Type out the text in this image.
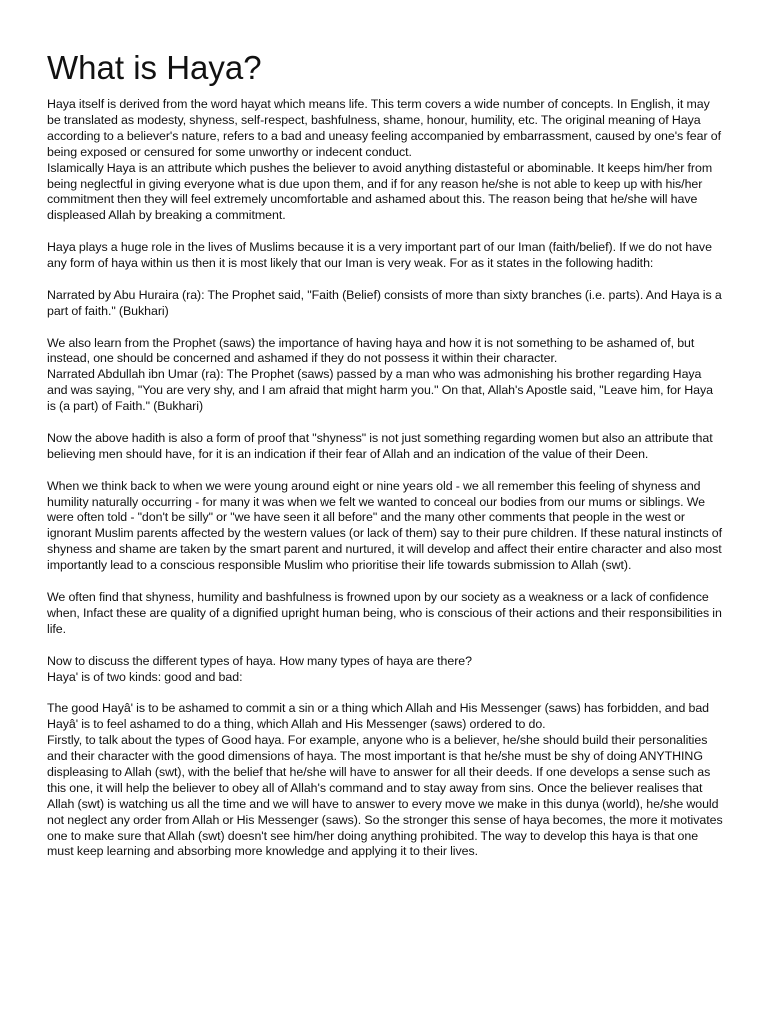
What is Haya?

Haya itself is derived from the word hayat which means life. This term covers a wide number of concepts. In English, it may be translated as modesty, shyness, self-respect, bashfulness, shame, honour, humility, etc. The original meaning of Haya according to a believer's nature, refers to a bad and uneasy feeling accompanied by embarrassment, caused by one's fear of being exposed or censured for some unworthy or indecent conduct.
Islamically Haya is an attribute which pushes the believer to avoid anything distasteful or abominable. It keeps him/her from being neglectful in giving everyone what is due upon them, and if for any reason he/she is not able to keep up with his/her commitment then they will feel extremely uncomfortable and ashamed about this. The reason being that he/she will have displeased Allah by breaking a commitment.

Haya plays a huge role in the lives of Muslims because it is a very important part of our Iman (faith/belief). If we do not have any form of haya within us then it is most likely that our Iman is very weak. For as it states in the following hadith:

Narrated by Abu Huraira (ra): The Prophet said, "Faith (Belief) consists of more than sixty branches (i.e. parts). And Haya is a part of faith." (Bukhari)

We also learn from the Prophet (saws) the importance of having haya and how it is not something to be ashamed of, but instead, one should be concerned and ashamed if they do not possess it within their character.
Narrated Abdullah ibn Umar (ra): The Prophet (saws) passed by a man who was admonishing his brother regarding Haya and was saying, "You are very shy, and I am afraid that might harm you." On that, Allah's Apostle said, "Leave him, for Haya is (a part) of Faith." (Bukhari)

Now the above hadith is also a form of proof that "shyness" is not just something regarding women but also an attribute that believing men should have, for it is an indication if their fear of Allah and an indication of the value of their Deen.

When we think back to when we were young around eight or nine years old - we all remember this feeling of shyness and humility naturally occurring - for many it was when we felt we wanted to conceal our bodies from our mums or siblings. We were often told - "don't be silly" or "we have seen it all before" and the many other comments that people in the west or ignorant Muslim parents affected by the western values (or lack of them) say to their pure children. If these natural instincts of shyness and shame are taken by the smart parent and nurtured, it will develop and affect their entire character and also most importantly lead to a conscious responsible Muslim who prioritise their life towards submission to Allah (swt).

We often find that shyness, humility and bashfulness is frowned upon by our society as a weakness or a lack of confidence when, Infact these are quality of a dignified upright human being, who is conscious of their actions and their responsibilities in life.

Now to discuss the different types of haya. How many types of haya are there?
Haya' is of two kinds: good and bad:

The good Hayâ' is to be ashamed to commit a sin or a thing which Allah and His Messenger (saws) has forbidden, and bad Hayâ' is to feel ashamed to do a thing, which Allah and His Messenger (saws) ordered to do.
Firstly, to talk about the types of Good haya. For example, anyone who is a believer, he/she should build their personalities and their character with the good dimensions of haya. The most important is that he/she must be shy of doing ANYTHING displeasing to Allah (swt), with the belief that he/she will have to answer for all their deeds. If one develops a sense such as this one, it will help the believer to obey all of Allah's command and to stay away from sins. Once the believer realises that Allah (swt) is watching us all the time and we will have to answer to every move we make in this dunya (world), he/she would not neglect any order from Allah or His Messenger (saws). So the stronger this sense of haya becomes, the more it motivates one to make sure that Allah (swt) doesn't see him/her doing anything prohibited. The way to develop this haya is that one must keep learning and absorbing more knowledge and applying it to their lives.
